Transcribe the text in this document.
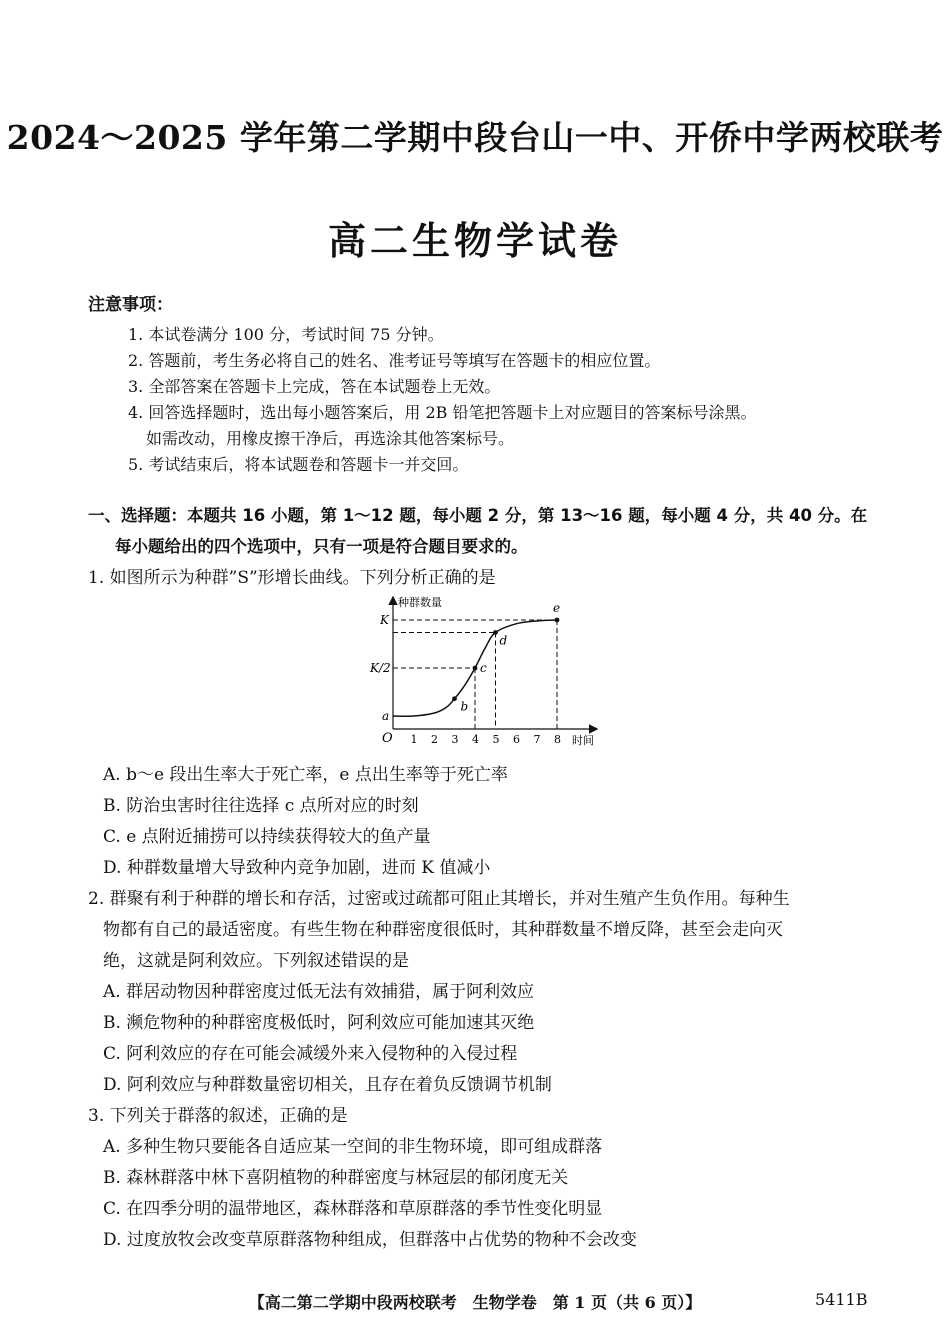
2024～2025 学年第二学期中段台山一中、开侨中学两校联考
高二生物学试卷
注意事项：
1. 本试卷满分 100 分，考试时间 75 分钟。
2. 答题前，考生务必将自己的姓名、准考证号等填写在答题卡的相应位置。
3. 全部答案在答题卡上完成，答在本试题卷上无效。
4. 回答选择题时，选出每小题答案后，用 2B 铅笔把答题卡上对应题目的答案标号涂黑。
如需改动，用橡皮擦干净后，再选涂其他答案标号。
5. 考试结束后，将本试题卷和答题卡一并交回。
一、选择题：本题共 16 小题，第 1～12 题，每小题 2 分，第 13～16 题，每小题 4 分，共 40 分。在
每小题给出的四个选项中，只有一项是符合题目要求的。
1. 如图所示为种群”S”形增长曲线。下列分析正确的是
a
b
c
d
e
1 2 3 4 5 6 7 8
K/2
K
种群数量
时间
O
A. b～e 段出生率大于死亡率，e 点出生率等于死亡率
B. 防治虫害时往往选择 c 点所对应的时刻
C. e 点附近捕捞可以持续获得较大的鱼产量
D. 种群数量增大导致种内竞争加剧，进而 K 值减小
2. 群聚有利于种群的增长和存活，过密或过疏都可阻止其增长，并对生殖产生负作用。每种生
物都有自己的最适密度。有些生物在种群密度很低时，其种群数量不增反降，甚至会走向灭
绝，这就是阿利效应。下列叙述错误的是
A. 群居动物因种群密度过低无法有效捕猎，属于阿利效应
B. 濒危物种的种群密度极低时，阿利效应可能加速其灭绝
C. 阿利效应的存在可能会减缓外来入侵物种的入侵过程
D. 阿利效应与种群数量密切相关，且存在着负反馈调节机制
3. 下列关于群落的叙述，正确的是
A. 多种生物只要能各自适应某一空间的非生物环境，即可组成群落
B. 森林群落中林下喜阴植物的种群密度与林冠层的郁闭度无关
C. 在四季分明的温带地区，森林群落和草原群落的季节性变化明显
D. 过度放牧会改变草原群落物种组成，但群落中占优势的物种不会改变
【高二第二学期中段两校联考　生物学卷　第 1 页（共 6 页）】	5411B
